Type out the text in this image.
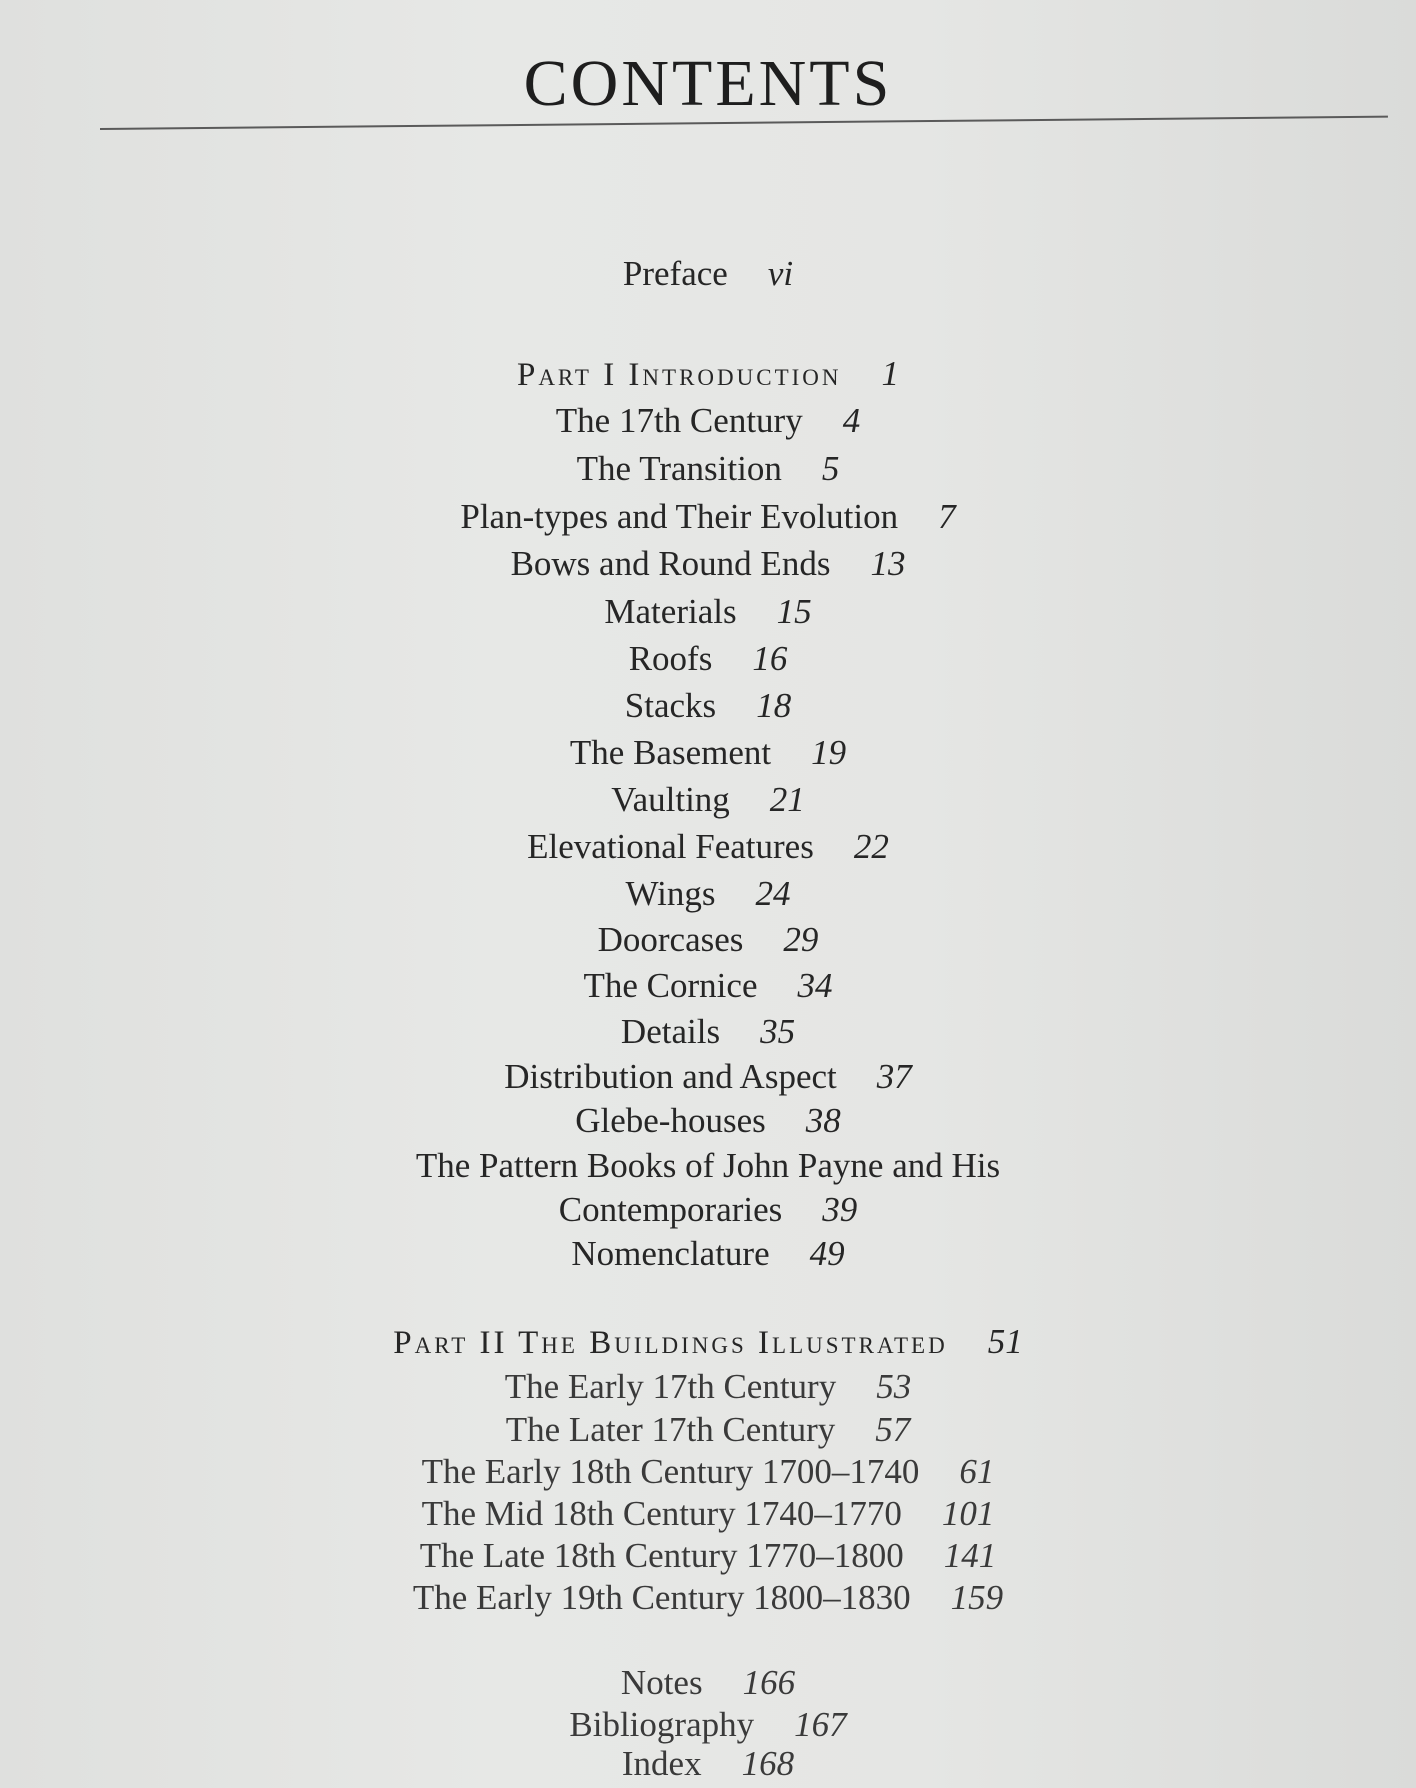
CONTENTS
Preface vi
Part I Introduction 1
The 17th Century 4
The Transition 5
Plan-types and Their Evolution 7
Bows and Round Ends 13
Materials 15
Roofs 16
Stacks 18
The Basement 19
Vaulting 21
Elevational Features 22
Wings 24
Doorcases 29
The Cornice 34
Details 35
Distribution and Aspect 37
Glebe-houses 38
The Pattern Books of John Payne and His
Contemporaries 39
Nomenclature 49
Part II The Buildings Illustrated 51
The Early 17th Century 53
The Later 17th Century 57
The Early 18th Century 1700–1740 61
The Mid 18th Century 1740–1770 101
The Late 18th Century 1770–1800 141
The Early 19th Century 1800–1830 159
Notes 166
Bibliography 167
Index 168
